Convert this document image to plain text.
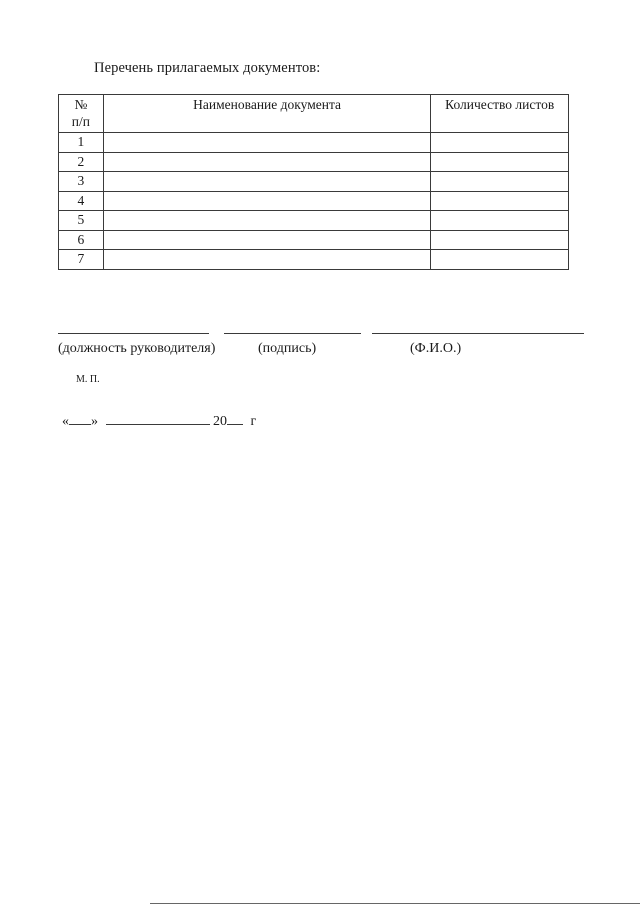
Перечень прилагаемых документов:
№
п/п	Наименование документа	Количество листов
1		
2		
3		
4		
5		
6		
7		
(должность руководителя)	(подпись)	(Ф.И.О.)
М. П.
« »	20 г
